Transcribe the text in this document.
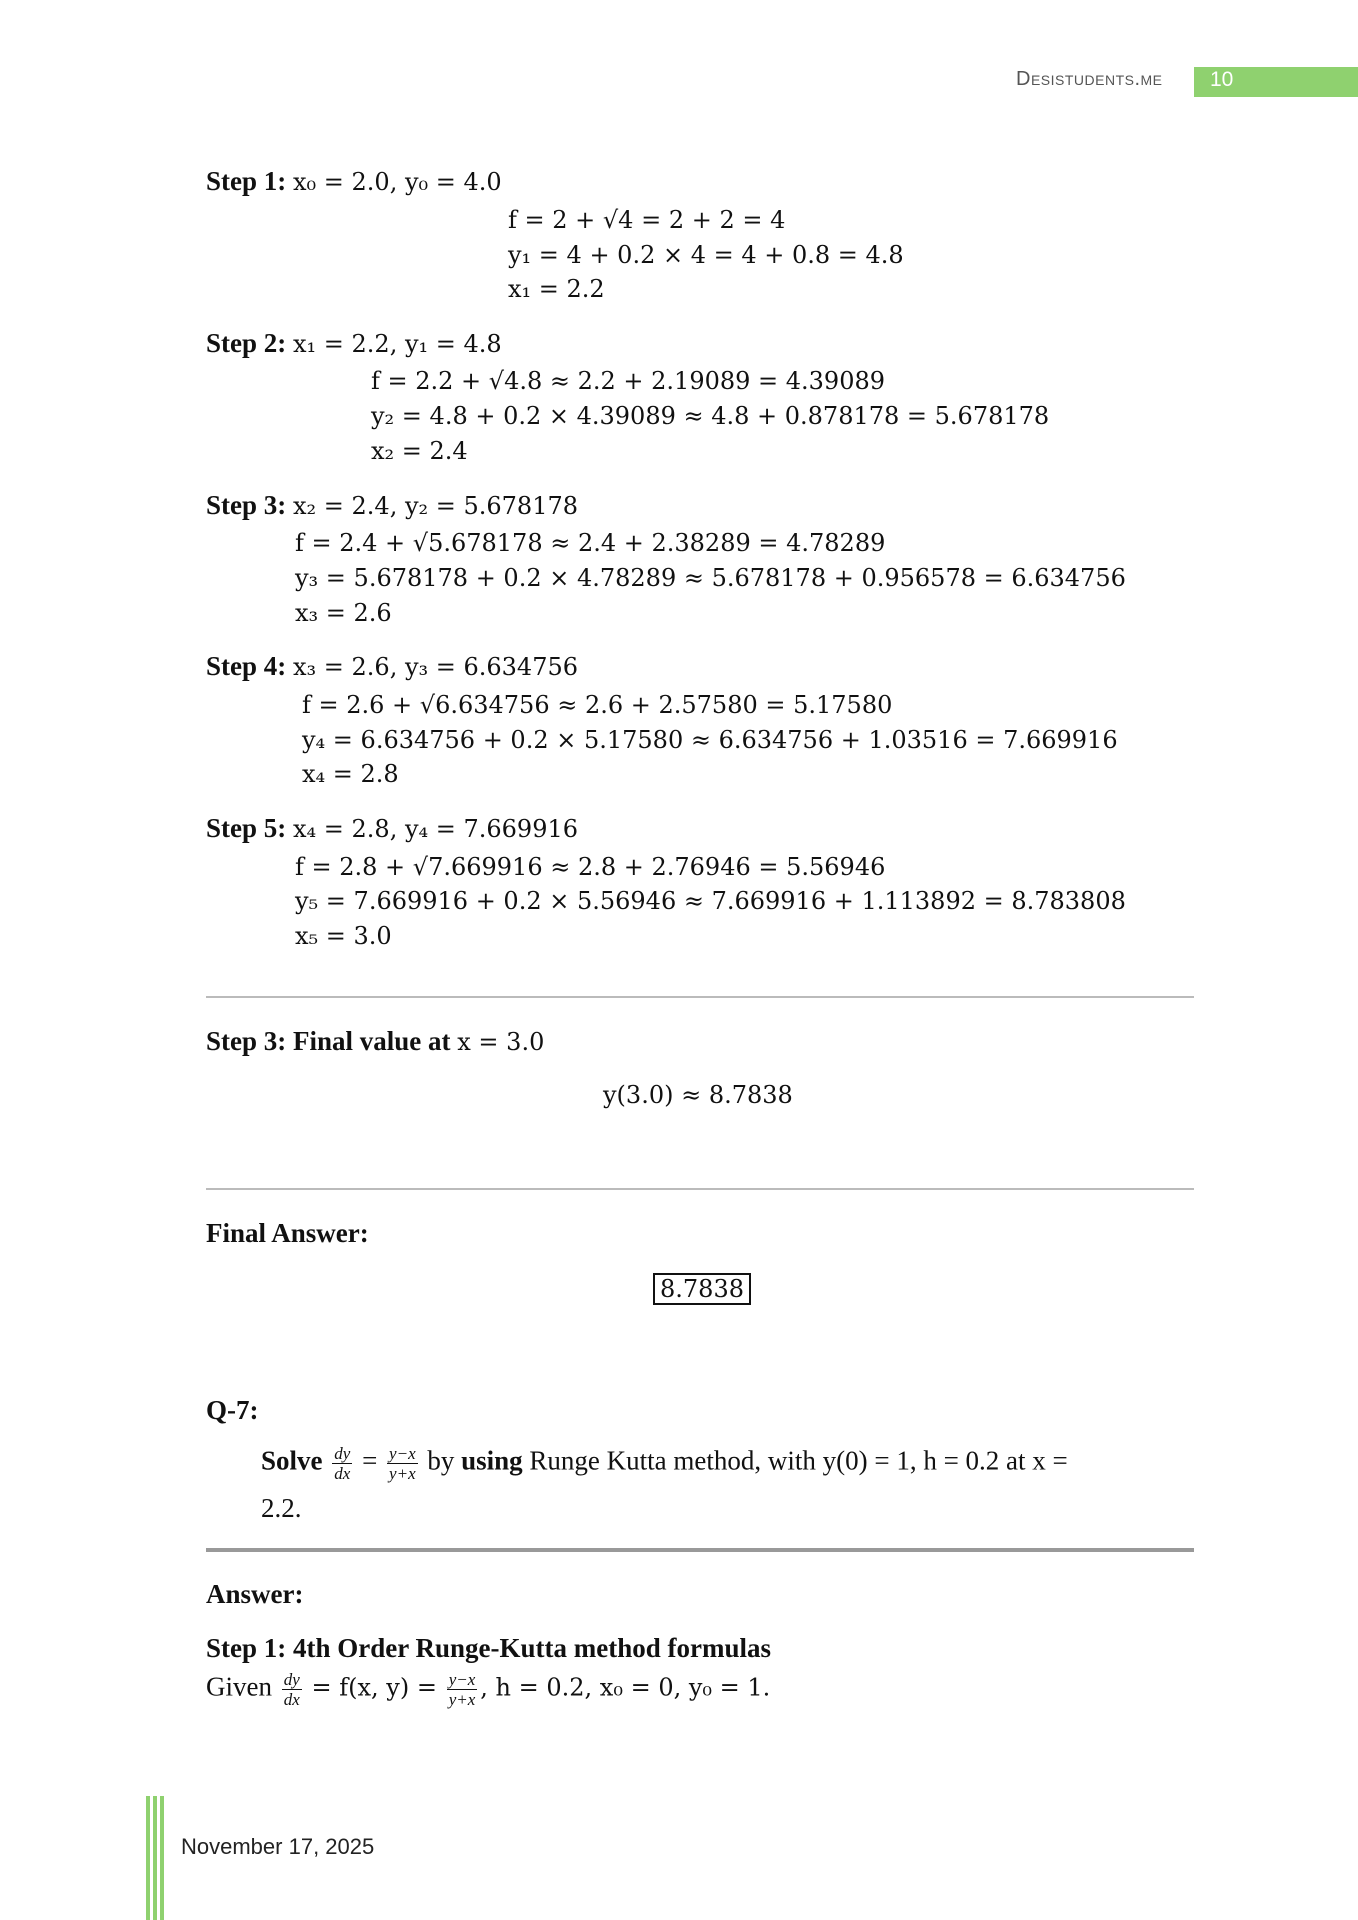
Desistudents.me 10
Step 1: x₀ = 2.0, y₀ = 4.0
f = 2 + √4 = 2 + 2 = 4
y₁ = 4 + 0.2 × 4 = 4 + 0.8 = 4.8
x₁ = 2.2
Step 2: x₁ = 2.2, y₁ = 4.8
f = 2.2 + √4.8 ≈ 2.2 + 2.19089 = 4.39089
y₂ = 4.8 + 0.2 × 4.39089 ≈ 4.8 + 0.878178 = 5.678178
x₂ = 2.4
Step 3: x₂ = 2.4, y₂ = 5.678178
f = 2.4 + √5.678178 ≈ 2.4 + 2.38289 = 4.78289
y₃ = 5.678178 + 0.2 × 4.78289 ≈ 5.678178 + 0.956578 = 6.634756
x₃ = 2.6
Step 4: x₃ = 2.6, y₃ = 6.634756
f = 2.6 + √6.634756 ≈ 2.6 + 2.57580 = 5.17580
y₄ = 6.634756 + 0.2 × 5.17580 ≈ 6.634756 + 1.03516 = 7.669916
x₄ = 2.8
Step 5: x₄ = 2.8, y₄ = 7.669916
f = 2.8 + √7.669916 ≈ 2.8 + 2.76946 = 5.56946
y₅ = 7.669916 + 0.2 × 5.56946 ≈ 7.669916 + 1.113892 = 8.783808
x₅ = 3.0
Step 3: Final value at x = 3.0
y(3.0) ≈ 8.7838
Final Answer:
8.7838
Q-7:
Solve $\frac{dy}{dx} = \frac{y-x}{y+x}$ by using Runge Kutta method, with y(0) = 1, h = 0.2 at x =
2.2.
Answer:
Step 1: 4th Order Runge-Kutta method formulas
Given $\frac{dy}{dx} = f(x$, $y) = \frac{y-x}{y+x}$ , h = 0.2, x₀ = 0, y₀ = 1.
November 17, 2025
